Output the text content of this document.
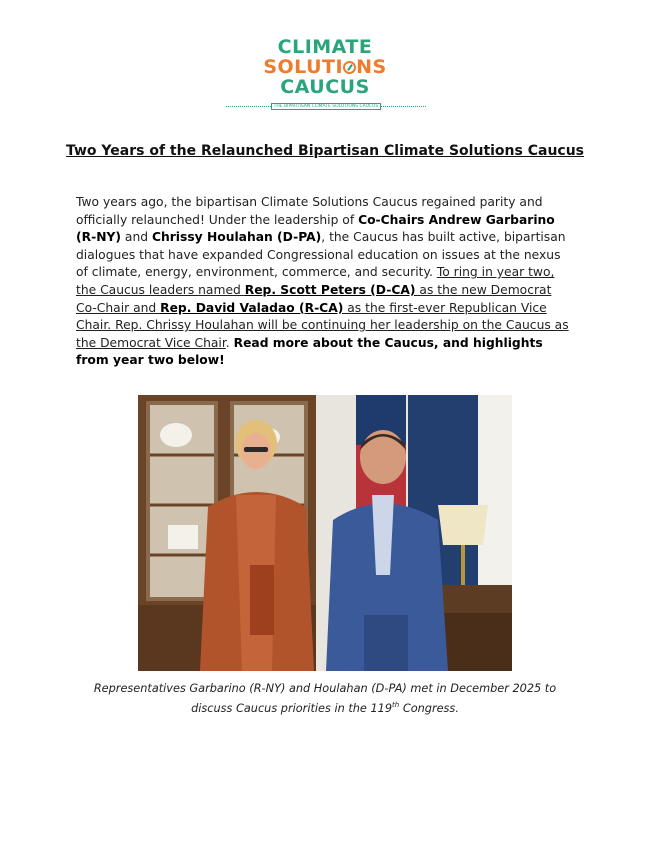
CLIMATE
SOLUTI NS
CAUCUS
THE BIPARTISAN CLIMATE SOLUTIONS CAUCUS
Two Years of the Relaunched Bipartisan Climate Solutions Caucus
Two years ago, the bipartisan Climate Solutions Caucus regained parity and officially relaunched! Under the leadership of Co-Chairs Andrew Garbarino (R-NY) and Chrissy Houlahan (D-PA), the Caucus has built active, bipartisan dialogues that have expanded Congressional education on issues at the nexus of climate, energy, environment, commerce, and security. To ring in year two, the Caucus leaders named Rep. Scott Peters (D-CA) as the new Democrat Co-Chair and Rep. David Valadao (R-CA) as the first-ever Republican Vice Chair. Rep. Chrissy Houlahan will be continuing her leadership on the Caucus as the Democrat Vice Chair. Read more about the Caucus, and highlights from year two below!
Representatives Garbarino (R-NY) and Houlahan (D-PA) met in December 2025 to
discuss Caucus priorities in the 119th Congress.
